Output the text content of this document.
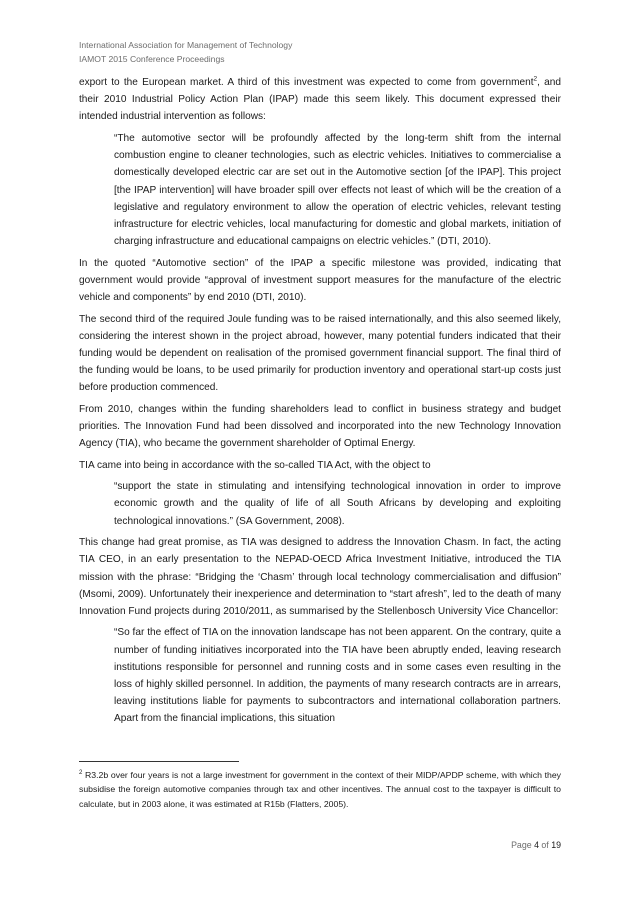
International Association for Management of Technology
IAMOT 2015 Conference Proceedings

export to the European market. A third of this investment was expected to come from government$^2$, and their 2010 Industrial Policy Action Plan (IPAP) made this seem likely. This document expressed their intended industrial intervention as follows:

“The automotive sector will be profoundly affected by the long-term shift from the internal combustion engine to cleaner technologies, such as electric vehicles. Initiatives to commercialise a domestically developed electric car are set out in the Automotive section [of the IPAP]. This project [the IPAP intervention] will have broader spill over effects not least of which will be the creation of a legislative and regulatory environment to allow the operation of electric vehicles, relevant testing infrastructure for electric vehicles, local manufacturing for domestic and global markets, initiation of charging infrastructure and educational campaigns on electric vehicles.” (DTI, 2010).

In the quoted “Automotive section” of the IPAP a specific milestone was provided, indicating that government would provide “approval of investment support measures for the manufacture of the electric vehicle and components” by end 2010 (DTI, 2010).

The second third of the required Joule funding was to be raised internationally, and this also seemed likely, considering the interest shown in the project abroad, however, many potential funders indicated that their funding would be dependent on realisation of the promised government financial support. The final third of the funding would be loans, to be used primarily for production inventory and operational start-up costs just before production commenced.

From 2010, changes within the funding shareholders lead to conflict in business strategy and budget priorities. The Innovation Fund had been dissolved and incorporated into the new Technology Innovation Agency (TIA), who became the government shareholder of Optimal Energy.

TIA came into being in accordance with the so-called TIA Act, with the object to

“support the state in stimulating and intensifying technological innovation in order to improve economic growth and the quality of life of all South Africans by developing and exploiting technological innovations.” (SA Government, 2008).

This change had great promise, as TIA was designed to address the Innovation Chasm. In fact, the acting TIA CEO, in an early presentation to the NEPAD-OECD Africa Investment Initiative, introduced the TIA mission with the phrase: “Bridging the ‘Chasm’ through local technology commercialisation and diffusion” (Msomi, 2009). Unfortunately their inexperience and determination to “start afresh”, led to the death of many Innovation Fund projects during 2010/2011, as summarised by the Stellenbosch University Vice Chancellor:

“So far the effect of TIA on the innovation landscape has not been apparent. On the contrary, quite a number of funding initiatives incorporated into the TIA have been abruptly ended, leaving research institutions responsible for personnel and running costs and in some cases even resulting in the loss of highly skilled personnel. In addition, the payments of many research contracts are in arrears, leaving institutions liable for payments to subcontractors and international collaboration partners. Apart from the financial implications, this situation

$^2$ R3.2b over four years is not a large investment for government in the context of their MIDP/APDP scheme, with which they subsidise the foreign automotive companies through tax and other incentives. The annual cost to the taxpayer is difficult to calculate, but in 2003 alone, it was estimated at R15b (Flatters, 2005).

Page 4 of 19
